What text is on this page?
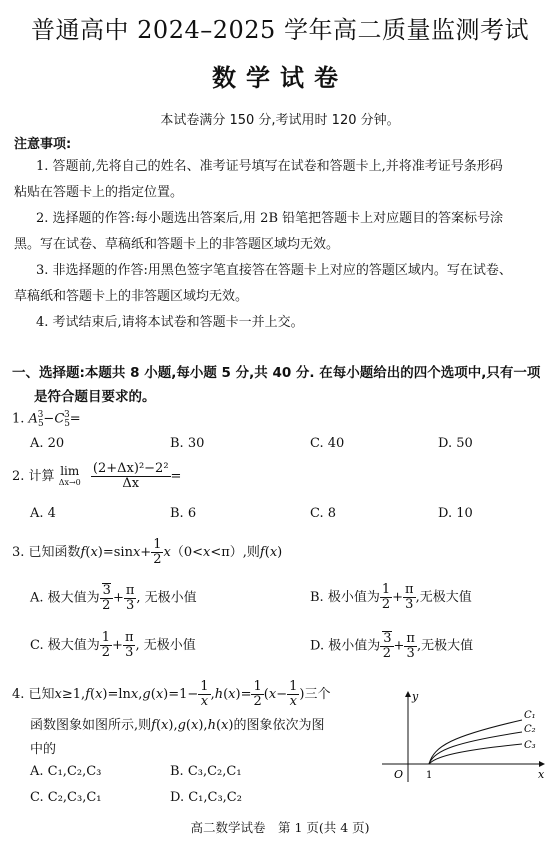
普通高中 2024–2025 学年高二质量监测考试
数学试卷
本试卷满分 150 分,考试用时 120 分钟。
注意事项:
1. 答题前,先将自己的姓名、准考证号填写在试卷和答题卡上,并将准考证号条形码
粘贴在答题卡上的指定位置。
2. 选择题的作答:每小题选出答案后,用 2B 铅笔把答题卡上对应题目的答案标号涂
黑。写在试卷、草稿纸和答题卡上的非答题区域均无效。
3. 非选择题的作答:用黑色签字笔直接答在答题卡上对应的答题区域内。写在试卷、
草稿纸和答题卡上的非答题区域均无效。
4. 考试结束后,请将本试卷和答题卡一并上交。
一、选择题:本题共 8 小题,每小题 5 分,共 40 分. 在每小题给出的四个选项中,只有一项
是符合题目要求的。
1. $A_5^3-C_5^3=$
A. 20	B. 30	C. 40	D. 50
2. 计算 lim
Δx→0
$\frac{\text{(2+Δx)²−2²}}{\Delta x}$ =
A. 4	B. 6	C. 8	D. 10
3. 已知函数$f(x)=\sin x+ \frac{1}{2} x(0<x<\pi)$,则f(x)
A. 极大值为 $\frac{3}{2} + \frac{\pi}{3}$ , 无极小值	B. 极小值为 $\frac{1}{2} + \frac{\pi}{3}$ ,无极大值
C. 极大值为 $\frac{1}{2} + \frac{\pi}{3}$ , 无极小值	D. 极小值为 $\frac{3}{2} + \frac{\pi}{3}$ ,无极大值
4. 已知$x\ge 1,f(x)=\ln x,g(x)=1- \frac{1}{x} ,h(x)= \frac{1}{2} (x- \frac{1}{x}$ )三个
函数图象如图所示,则f(x),g(x),h(x)的图象依次为图
中的
A. C₁,C₂,C₃	B. C₃,C₂,C₁
C. C₂,C₃,C₁	D. C₁,C₃,C₂
y
x
O 1
C₁
C₂
C₃
高二数学试卷　第 1 页(共 4 页)
